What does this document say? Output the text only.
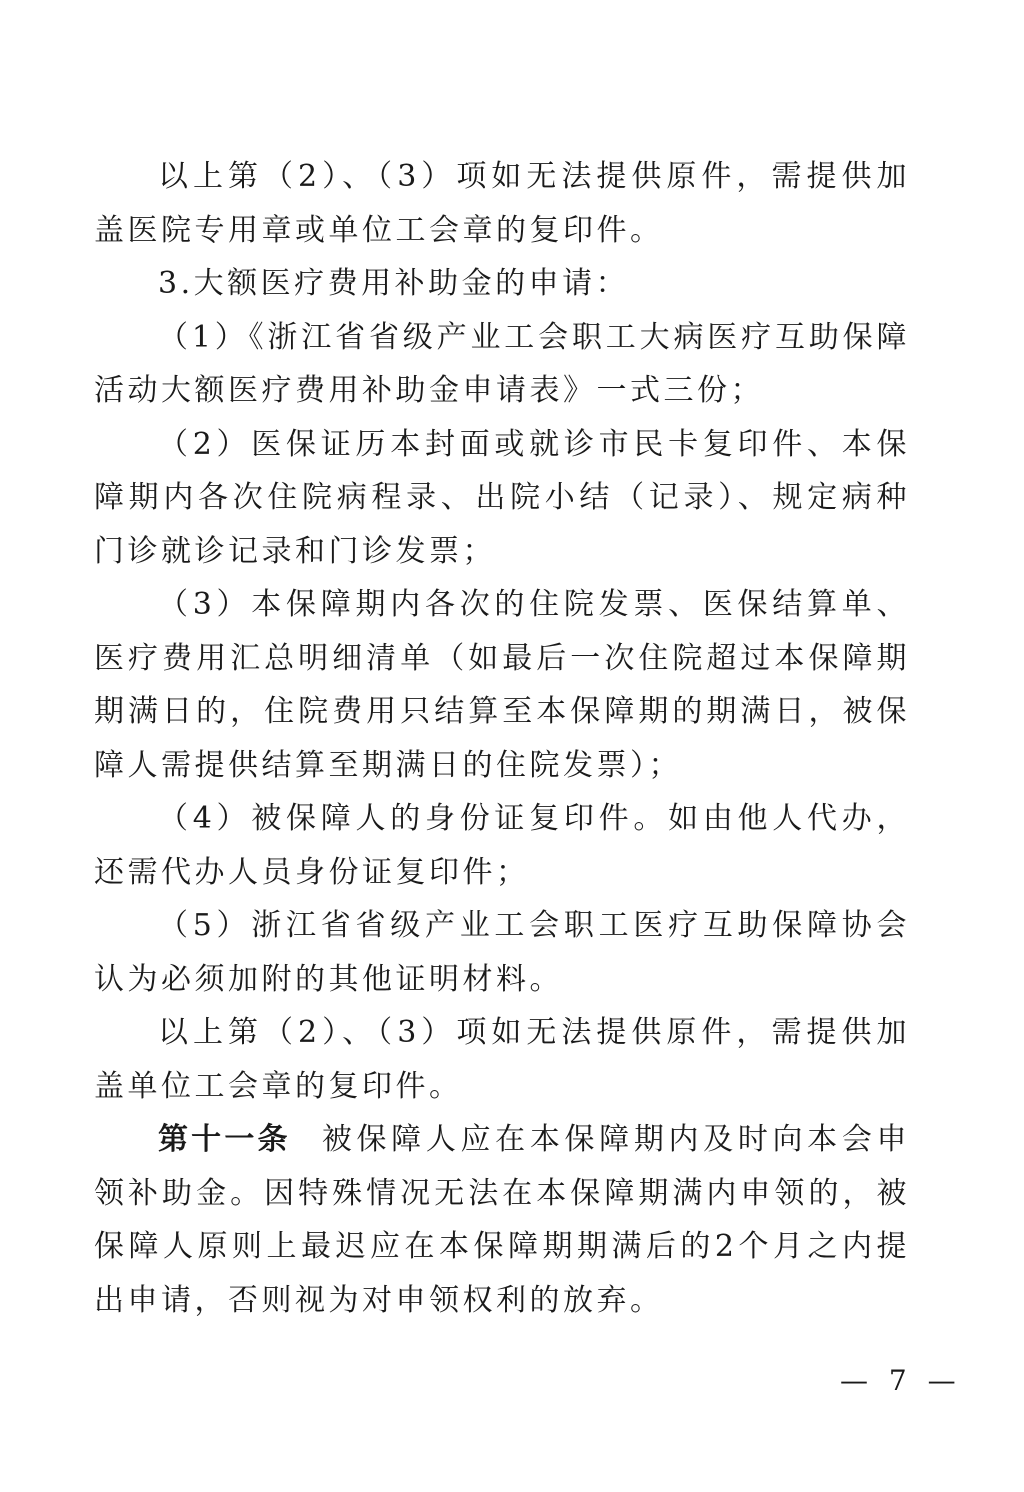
以上第（2）、（3）项如无法提供原件，需提供加盖医院专用章或单位工会章的复印件。

3.大额医疗费用补助金的申请：

（1）《浙江省省级产业工会职工大病医疗互助保障活动大额医疗费用补助金申请表》一式三份；

（2）医保证历本封面或就诊市民卡复印件、本保障期内各次住院病程录、出院小结（记录）、规定病种门诊就诊记录和门诊发票；

（3）本保障期内各次的住院发票、医保结算单、医疗费用汇总明细清单（如最后一次住院超过本保障期期满日的，住院费用只结算至本保障期的期满日，被保障人需提供结算至期满日的住院发票）；

（4）被保障人的身份证复印件。如由他人代办，还需代办人员身份证复印件；

（5）浙江省省级产业工会职工医疗互助保障协会认为必须加附的其他证明材料。

以上第（2）、（3）项如无法提供原件，需提供加盖单位工会章的复印件。

第十一条 被保障人应在本保障期内及时向本会申领补助金。因特殊情况无法在本保障期满内申领的，被保障人原则上最迟应在本保障期期满后的2个月之内提出申请，否则视为对申领权利的放弃。

— 7 —
